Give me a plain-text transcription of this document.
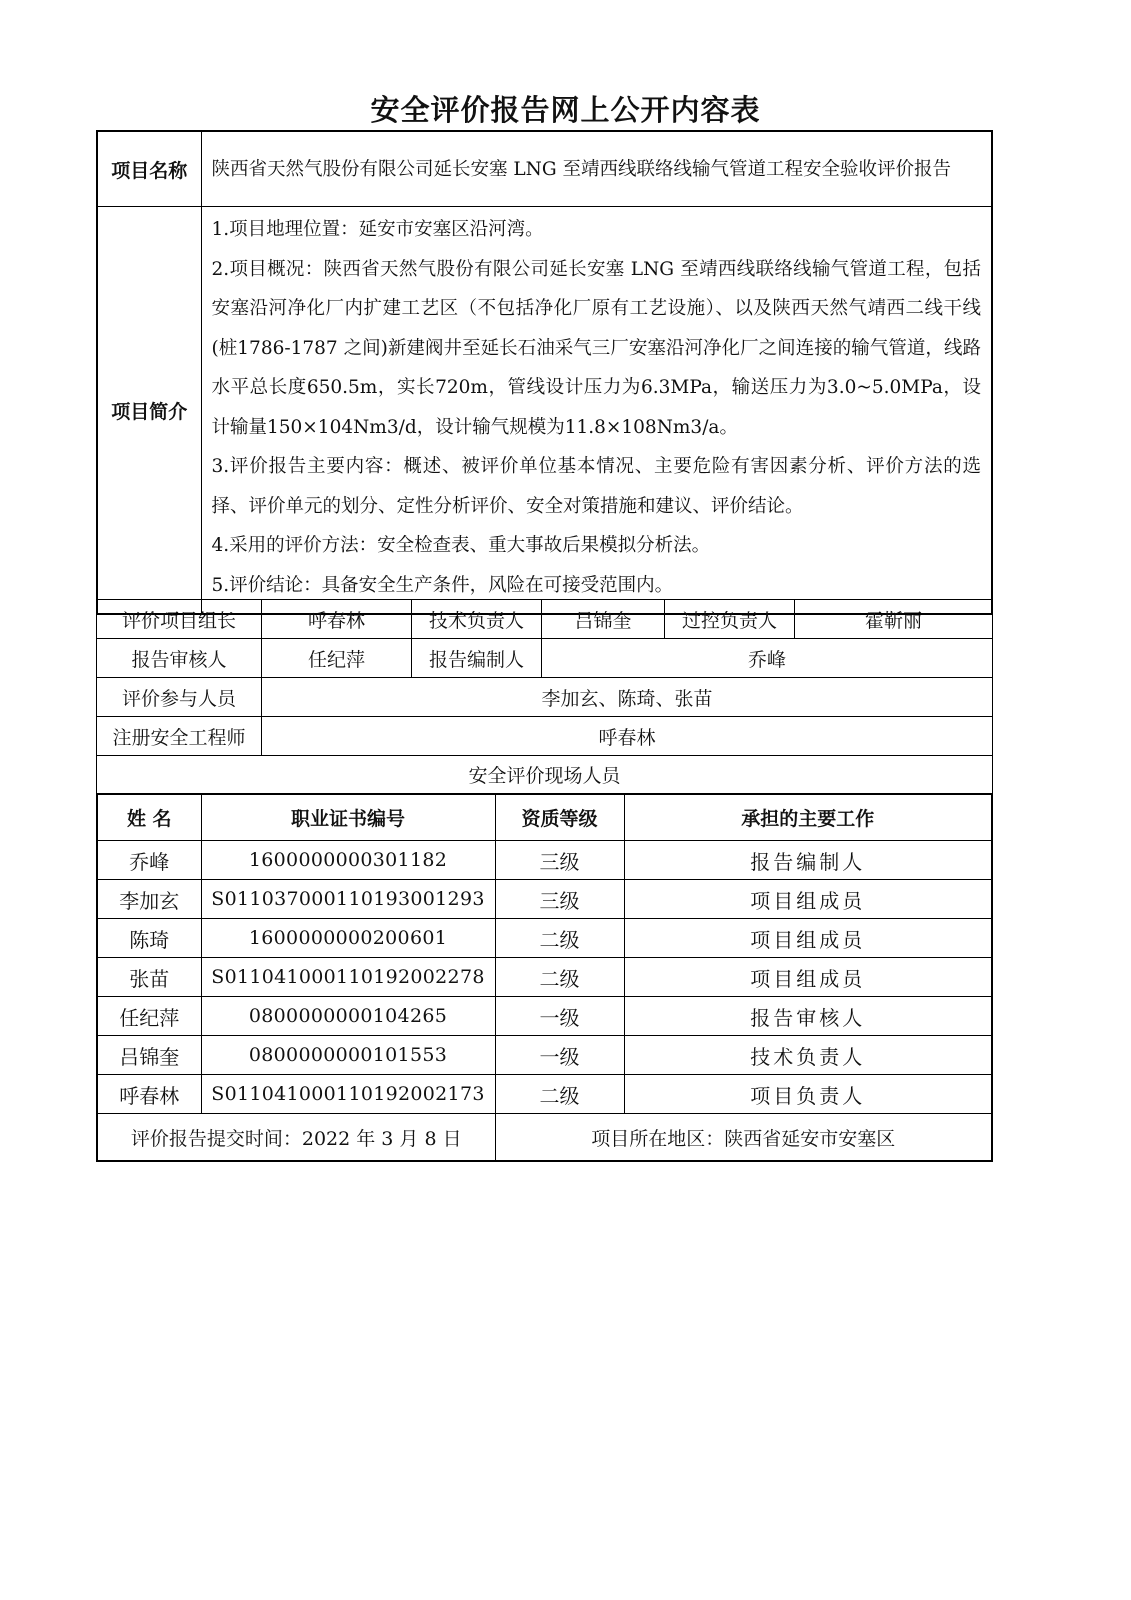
安全评价报告网上公开内容表
项目名称	陕西省天然气股份有限公司延长安塞 LNG 至靖西线联络线输气管道工程安全验收评价报告
项目简介	1.项目地理位置：延安市安塞区沿河湾。

2.项目概况：陕西省天然气股份有限公司延长安塞 LNG 至靖西线联络线输气管道工程，包括安塞沿河净化厂内扩建工艺区（不包括净化厂原有工艺设施）、以及陕西天然气靖西二线干线(桩1786-1787 之间)新建阀井至延长石油采气三厂安塞沿河净化厂之间连接的输气管道，线路水平总长度650.5m，实长720m，管线设计压力为6.3MPa，输送压力为3.0~5.0MPa，设计输量150×104Nm3/d，设计输气规模为11.8×108Nm3/a。

3.评价报告主要内容：概述、被评价单位基本情况、主要危险有害因素分析、评价方法的选择、评价单元的划分、定性分析评价、安全对策措施和建议、评价结论。

4.采用的评价方法：安全检查表、重大事故后果模拟分析法。

5.评价结论：具备安全生产条件，风险在可接受范围内。

评价项目组长	呼春林	技术负责人	吕锦奎	过控负责人	霍靳丽
报告审核人	任纪萍	报告编制人	乔峰		
评价参与人员	李加玄、陈琦、张苗				
注册安全工程师	呼春林				
安全评价现场人员					
姓 名	职业证书编号	资质等级	承担的主要工作
乔峰	1600000000301182	三级	报告编制人
李加玄	S011037000110193001293	三级	项目组成员
陈琦	1600000000200601	二级	项目组成员
张苗	S011041000110192002278	二级	项目组成员
任纪萍	0800000000104265	一级	报告审核人
吕锦奎	0800000000101553	一级	技术负责人
呼春林	S011041000110192002173	二级	项目负责人
评价报告提交时间：2022 年 3 月 8 日		项目所在地区：陕西省延安市安塞区	
